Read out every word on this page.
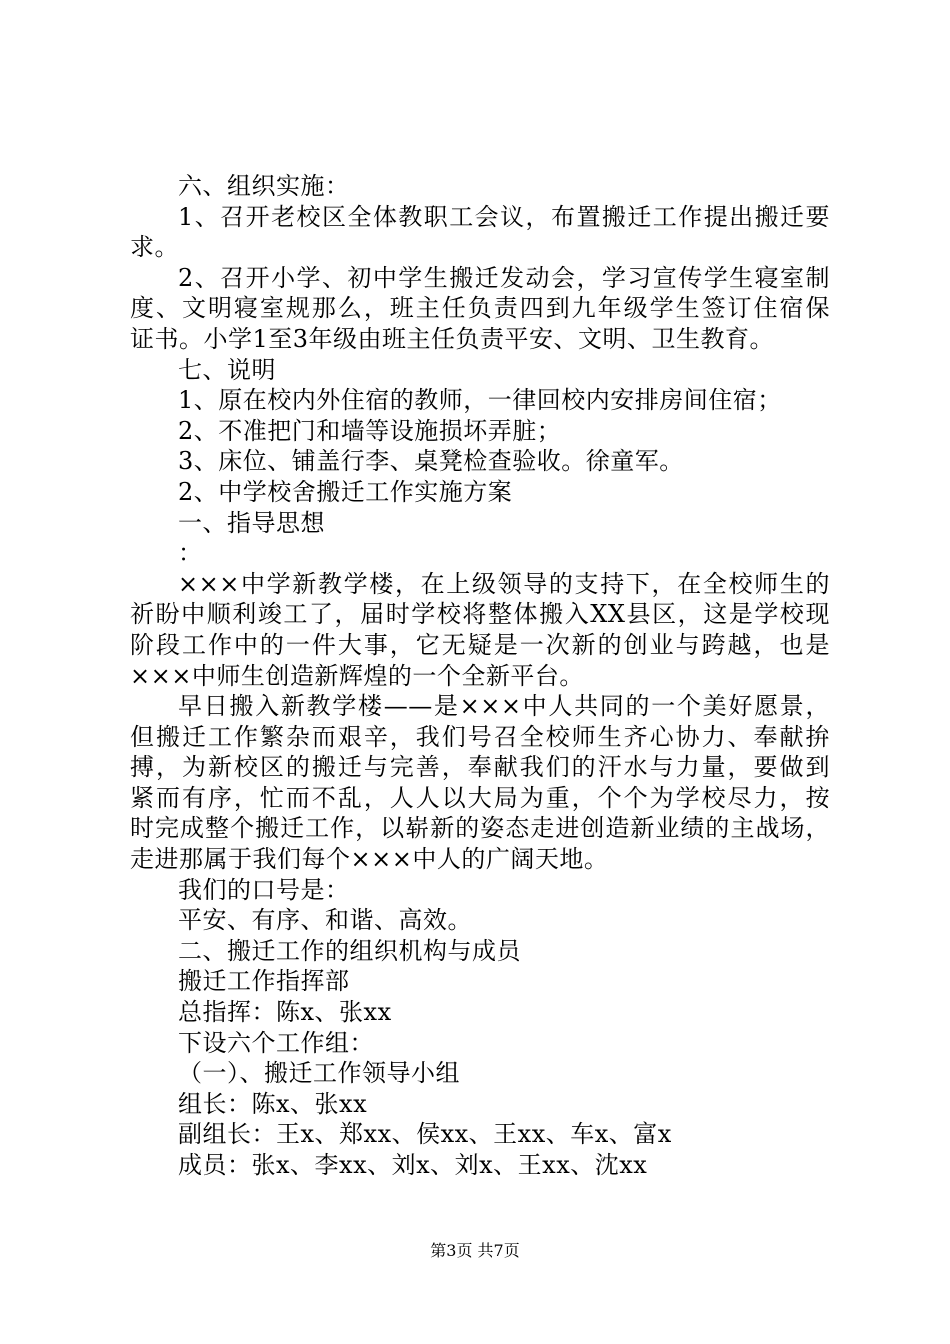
六、组织实施：
1、召开老校区全体教职工会议，布置搬迁工作提出搬迁要
求。
2、召开小学、初中学生搬迁发动会，学习宣传学生寝室制
度、文明寝室规那么，班主任负责四到九年级学生签订住宿保
证书。小学1至3年级由班主任负责平安、文明、卫生教育。
七、说明
1、原在校内外住宿的教师，一律回校内安排房间住宿；
2、不准把门和墙等设施损坏弄脏；
3、床位、铺盖行李、桌凳检查验收。徐童军。
2、中学校舍搬迁工作实施方案
一、指导思想
：
×××中学新教学楼，在上级领导的支持下，在全校师生的
祈盼中顺利竣工了，届时学校将整体搬入XX县区，这是学校现
阶段工作中的一件大事，它无疑是一次新的创业与跨越，也是
×××中师生创造新辉煌的一个全新平台。
早日搬入新教学楼——是×××中人共同的一个美好愿景，
但搬迁工作繁杂而艰辛，我们号召全校师生齐心协力、奉献拚
搏，为新校区的搬迁与完善，奉献我们的汗水与力量，要做到
紧而有序，忙而不乱，人人以大局为重，个个为学校尽力，按
时完成整个搬迁工作，以崭新的姿态走进创造新业绩的主战场，
走进那属于我们每个×××中人的广阔天地。
我们的口号是：
平安、有序、和谐、高效。
二、搬迁工作的组织机构与成员
搬迁工作指挥部
总指挥：陈x、张xx
下设六个工作组：
（一）、搬迁工作领导小组
组长：陈x、张xx
副组长：王x、郑xx、侯xx、王xx、车x、富x
成员：张x、李xx、刘x、刘x、王xx、沈xx
第3页 共7页
